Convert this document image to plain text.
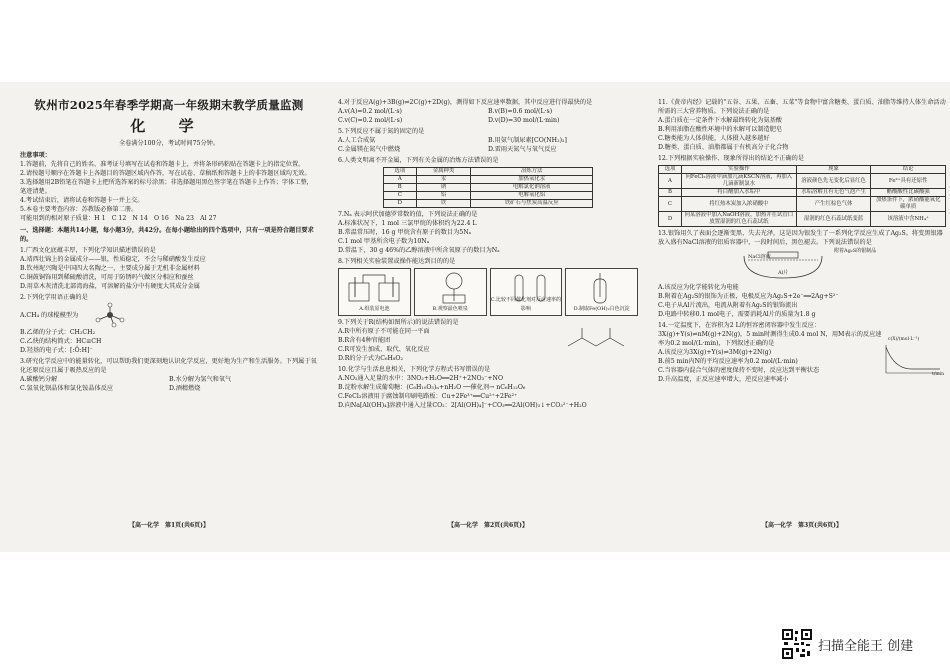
钦州市2025年春季学期高一年级期末教学质量监测
化 学
全卷满分100分，考试时间75分钟。
注意事项：
1.答题前，先将自己的姓名、准考证号填写在试卷和答题卡上，并将条形码粘贴在答题卡上的指定位置。
2.请按题号顺序在答题卡上各题目的答题区域内作答，写在试卷、草稿纸和答题卡上的非答题区域均无效。
3.选择题用2B铅笔在答题卡上把所选答案的标号涂黑；非选择题用黑色签字笔在答题卡上作答；字体工整，笔迹清楚。
4.考试结束后，请将试卷和答题卡一并上交。
5.本卷主要考查内容：苏教版必修第二册。
可能用到的相对原子质量：H 1　C 12　N 14　O 16　Na 23　Al 27
一、选择题：本题共14小题，每小题3分，共42分。在每小题给出的四个选项中，只有一项是符合题目要求的。
1.广西文化底蕴丰厚，下列化学知识描述错误的是
A.靖西壮锦上的金属成分——银，性质稳定，不会与稀硝酸发生反应
B.钦州坭兴陶是中国四大名陶之一，主要成分属于无机非金属材料
C.铜鼓铜饰用到稀硫酸清洗，可用于防锈吗气做区分相应和蚕丝
D.用草木灰清洗北部湾海盐，可溶解的盐分中有硬度大其成分金属
2.下列化学用语正确的是
A.CH₄ 的球棍模型为
B.乙烯的分子式：CH₂CH₂
C.乙炔的结构简式：HC≡CH
D.羟基的电子式：[:Ö:H]⁻
3.研究化学反应中的能量转化，可以帮助我们更深刻地认识化学反应，更好地为生产和生活服务。下列属于氧化还原反应且属于吸热反应的是
A.碳酸钙分解	B.水分解为氢气和氧气
C.氢氧化钡晶体和氯化铵晶体反应	D.酒精燃烧
【高一化学　第1页(共6页)】
4.对于反应A(g)+3B(g)⇌2C(g)+2D(g)，测得如下反应速率数据，其中反应进行得最快的是
A.v(A)=0.2 mol/(L·s)	B.v(B)=0.6 mol/(L·s)
C.v(C)=0.2 mol/(L·s)	D.v(D)=30 mol/(L·min)
5.下列反应不属于氮的固定的是
A.人工合成氨	B.用氨气制尿素[CO(NH₂)₂]
C.金属镁在氮气中燃烧	D.雷雨天氮气与氧气反应
6.人类文明离不开金属，下列有关金属的冶炼方法错误的是
选项	金属种类	冶炼方法
A	汞	加热氧化汞
B	钠	电解氯化钠溶液
C	铝	电解氧化铝
D	铁	铁矿石与焦炭高温反应
7.Nₐ 表示阿伏加德罗常数的值，下列说法正确的是
A.标准状况下，1 mol 三氯甲烷的体积约为22.4 L
B.常温常压时，16 g 甲烷含有原子的数目为5Nₐ
C.1 mol 甲基所含电子数为10Nₐ
D.常温下，30 g 46%的乙醇溶液中所含氧原子的数目为Nₐ
8.下列相关实验装置或操作能达到目的的是
A.组装原电池	B.观察最色喷泉
C.比较不同催化剂对反应速率的影响	D.制取Fe(OH)₂白色沉淀
9.下列关于R(结构如图所示)的说法错误的是
A.R中所有原子不可能在同一平面
B.R含有4种官能团
C.R可发生加成、取代、氧化反应
D.R的分子式为C₆H₈O₂
10.化学与生活息息相关，下列化学方程式书写错误的是
A.NO₂通入足量的水中：3NO₂+H₂O══2H⁺+2NO₃⁻+NO
B.淀粉水解生成葡萄糖：(C₆H₁₀O₅)ₙ+nH₂O ──催化剂→ nC₆H₁₂O₆
C.FeCl₃溶液用于腐蚀制印刷电路板：Cu+2Fe³⁺══Cu²⁺+2Fe²⁺
D.向Na[Al(OH)₄]溶液中通入过量CO₂：2[Al(OH)₄]⁻+CO₂══2Al(OH)₃↓+CO₃²⁻+H₂O
【高一化学　第2页(共6页)】
11.《黄帝内经》记载的"五谷、五果、五畜、五菜"等食物中富含糖类、蛋白质、油脂等维持人体生命活动所需的三大营养物质。下列说法正确的是
A.蛋白质在一定条件下水解最终转化为氨基酸
B.利用油脂在酸性环境中的水解可以制造肥皂
C.糖类能为人体供能，人体摄入越多越好
D.糖类、蛋白质、油脂都属于有机高分子化合物
12.下列根据实验操作、现象所得出的结论不正确的是
选项	实验操作	现象	结论
A	向FeCl₂溶液中滴加几滴KSCN溶液，再加入几滴新制氯水	溶液颜色先无变化后显红色	Fe²⁺具有还原性
B	将白醋加入水垢中	水垢溶解且有无色气泡产生	醋酸酸性比碳酸强
C	将红热木炭加入浓硝酸中	产生红棕色气体	加热条件下，浓硝酸能氧化碳单质
D	向某溶液中加入NaOH溶液，加热并在试管口放置湿润的红色石蕊试纸	湿润的红色石蕊试纸变蓝	该溶液中含NH₄⁺
13.银饰用久了表面会逐渐变黑，失去光泽，这是因为银发生了一系列化学反应生成了Ag₂S。将变黑银器放入盛有NaCl溶液的铝质容器中，一段时间后，黑色褪去。下列说法错误的是
附着Ag₂S的银制品
NaCl溶液
Al片
A.该反应为化学能转化为电能
B.附着在Ag₂S的银饰为正极，电极反应为Ag₂S+2e⁻══2Ag+S²⁻
C.电子从Al片流出，电流从附着有Ag₂S的银饰流出
D.电路中转移0.1 mol电子，需要消耗Al片的质量为1.8 g
14.一定温度下，在容积为2 L的恒容密闭容器中发生反应：3X(g)+Y(s)⇌nM(g)+2N(g)，5 min时测得生成0.4 mol N，用M表示的反应速率为0.2 mol/(L·min)，下列叙述正确的是
A.该反应为3X(g)+Y(s)⇌3M(g)+2N(g)
B.前5 min内N的平均反应速率为0.2 mol/(L·min)
C.当容器内混合气体的密度保持不变时，反应达到平衡状态
D.升高温度，正反应速率增大，逆反应速率减小
c(X)/(mol·L⁻¹)
t/min
【高一化学　第3页(共6页)】
扫描全能王 创建
